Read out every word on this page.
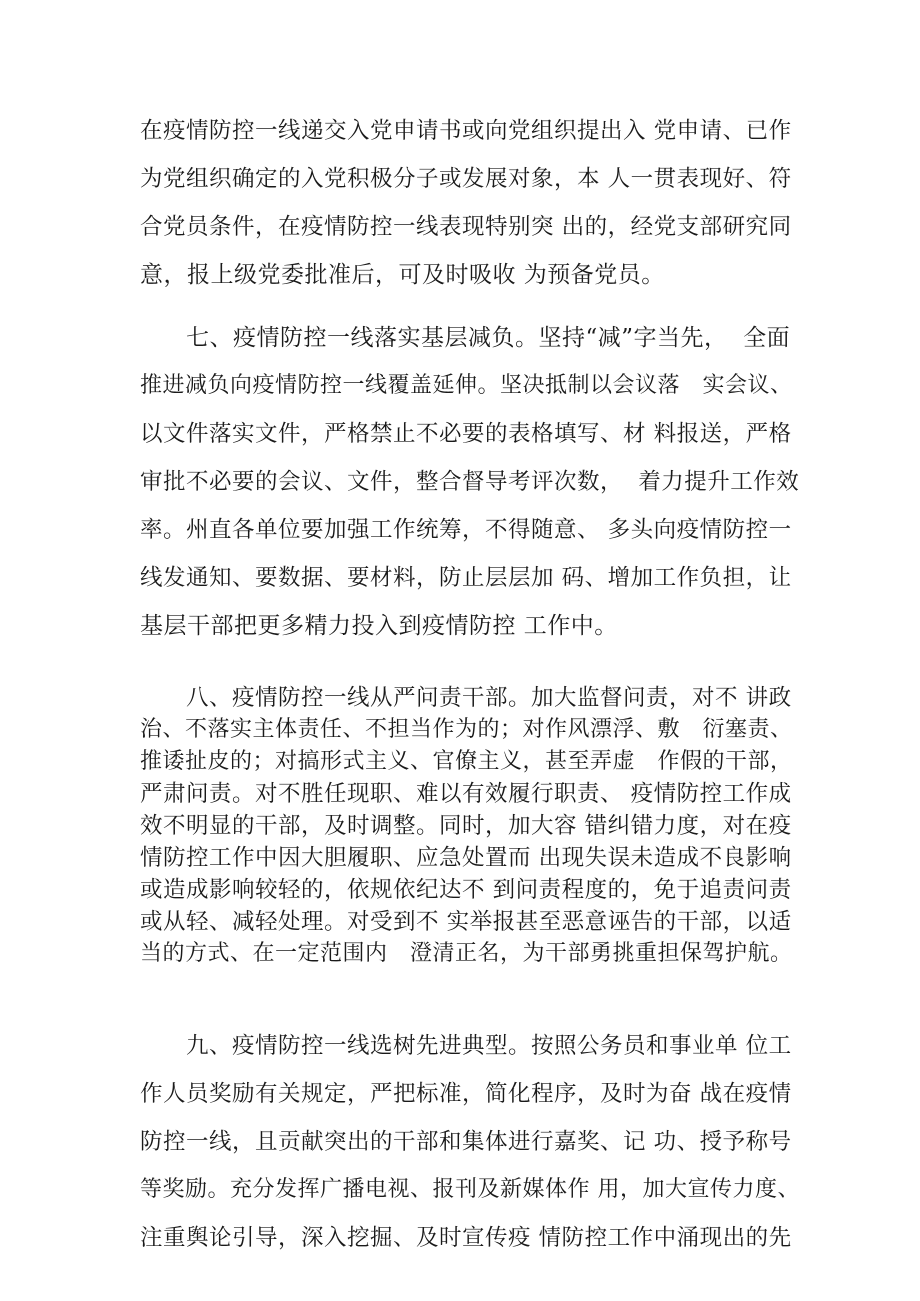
在疫情防控一线递交入党申请书或向党组织提出入 党申请、已作
为党组织确定的入党积极分子或发展对象，本 人一贯表现好、符
合党员条件，在疫情防控一线表现特别突 出的，经党支部研究同
意，报上级党委批准后，可及时吸收 为预备党员。
七、疫情防控一线落实基层减负。坚持“减”字当先，  全面
推进减负向疫情防控一线覆盖延伸。坚决抵制以会议落   实会议、
以文件落实文件，严格禁止不必要的表格填写、材 料报送，严格
审批不必要的会议、文件，整合督导考评次数，  着力提升工作效
率。州直各单位要加强工作统筹，不得随意、 多头向疫情防控一
线发通知、要数据、要材料，防止层层加 码、增加工作负担，让
基层干部把更多精力投入到疫情防控 工作中。
八、疫情防控一线从严问责干部。加大监督问责，对不 讲政
治、不落实主体责任、不担当作为的；对作风漂浮、敷   衍塞责、
推诿扯皮的；对搞形式主义、官僚主义，甚至弄虚   作假的干部，
严肃问责。对不胜任现职、难以有效履行职责、 疫情防控工作成
效不明显的干部，及时调整。同时，加大容 错纠错力度，对在疫
情防控工作中因大胆履职、应急处置而 出现失误未造成不良影响
或造成影响较轻的，依规依纪达不 到问责程度的，免于追责问责
或从轻、减轻处理。对受到不 实举报甚至恶意诬告的干部，以适
当的方式、在一定范围内   澄清正名，为干部勇挑重担保驾护航。
九、疫情防控一线选树先进典型。按照公务员和事业单 位工
作人员奖励有关规定，严把标准，简化程序，及时为奋 战在疫情
防控一线，且贡献突出的干部和集体进行嘉奖、记 功、授予称号
等奖励。充分发挥广播电视、报刊及新媒体作 用，加大宣传力度、
注重舆论引导，深入挖掘、及时宣传疫 情防控工作中涌现出的先
